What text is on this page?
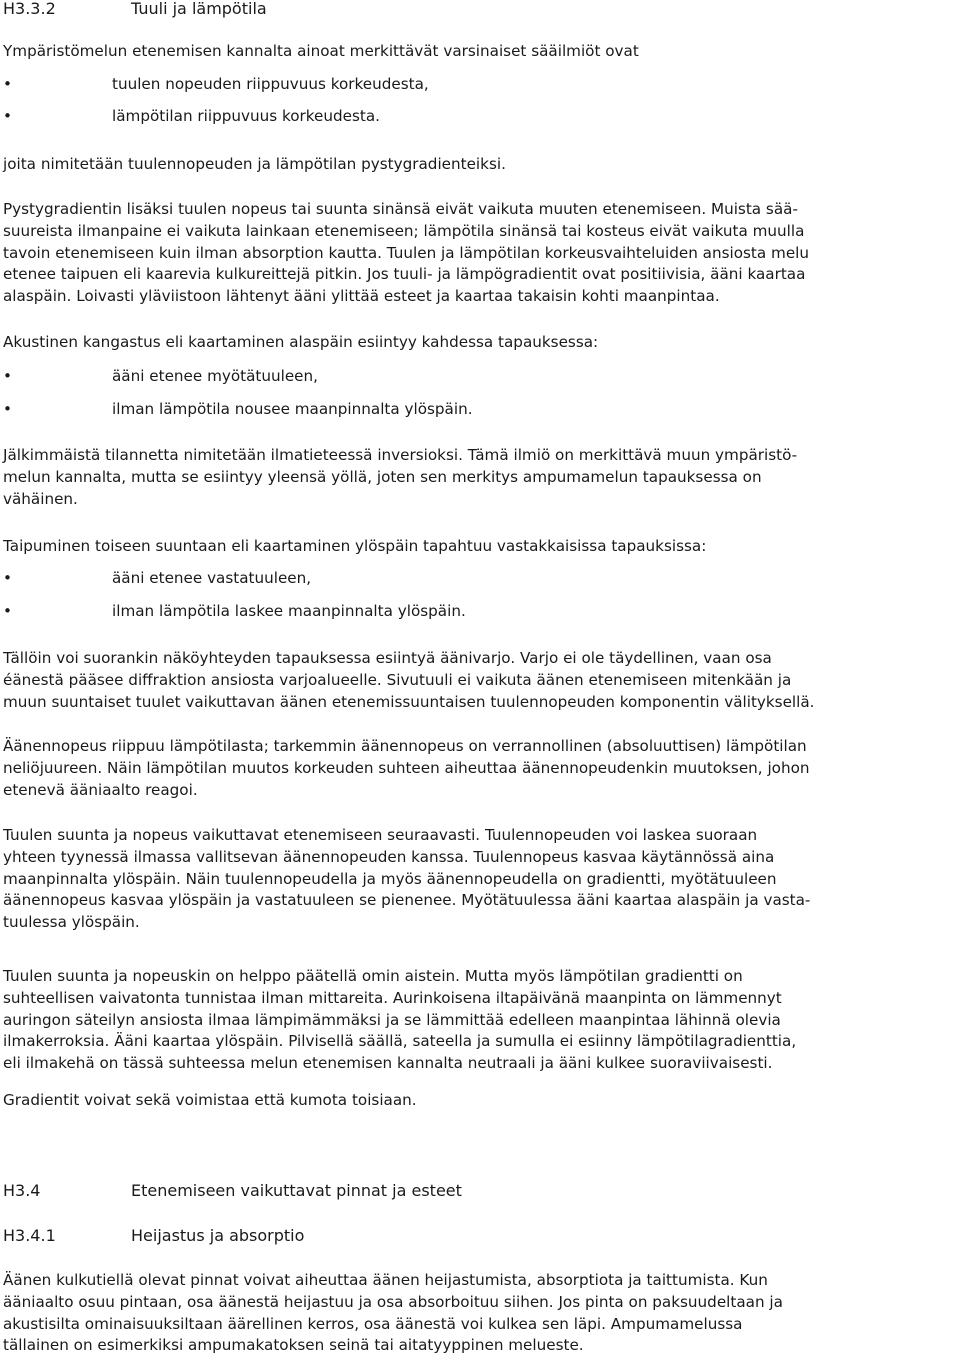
H3.3.2	Tuuli ja lämpötila

Ympäristömelun etenemisen kannalta ainoat merkittävät varsinaiset sääilmiöt ovat

•	tuulen nopeuden riippuvuus korkeudesta,
•	lämpötilan riippuvuus korkeudesta.

joita nimitetään tuulennopeuden ja lämpötilan pystygradienteiksi.

Pystygradientin lisäksi tuulen nopeus tai suunta sinänsä eivät vaikuta muuten etenemiseen. Muista sää-
suureista ilmanpaine ei vaikuta lainkaan etenemiseen; lämpötila sinänsä tai kosteus eivät vaikuta muulla
tavoin etenemiseen kuin ilman absorption kautta. Tuulen ja lämpötilan korkeusvaihteluiden ansiosta melu
etenee taipuen eli kaarevia kulkureittejä pitkin. Jos tuuli- ja lämpögradientit ovat positiivisia, ääni kaartaa
alaspäin. Loivasti yläviistoon lähtenyt ääni ylittää esteet ja kaartaa takaisin kohti maanpintaa.

Akustinen kangastus eli kaartaminen alaspäin esiintyy kahdessa tapauksessa:

•	ääni etenee myötätuuleen,
•	ilman lämpötila nousee maanpinnalta ylöspäin.

Jälkimmäistä tilannetta nimitetään ilmatieteessä inversioksi. Tämä ilmiö on merkittävä muun ympäristö-
melun kannalta, mutta se esiintyy yleensä yöllä, joten sen merkitys ampumamelun tapauksessa on
vähäinen.

Taipuminen toiseen suuntaan eli kaartaminen ylöspäin tapahtuu vastakkaisissa tapauksissa:

•	ääni etenee vastatuuleen,
•	ilman lämpötila laskee maanpinnalta ylöspäin.

Tällöin voi suorankin näköyhteyden tapauksessa esiintyä äänivarjo. Varjo ei ole täydellinen, vaan osa
éänestä pääsee diffraktion ansiosta varjoalueelle. Sivutuuli ei vaikuta äänen etenemiseen mitenkään ja
muun suuntaiset tuulet vaikuttavan äänen etenemissuuntaisen tuulennopeuden komponentin välityksellä.

Äänennopeus riippuu lämpötilasta; tarkemmin äänennopeus on verrannollinen (absoluuttisen) lämpötilan
neliöjuureen. Näin lämpötilan muutos korkeuden suhteen aiheuttaa äänennopeudenkin muutoksen, johon
etenevä ääniaalto reagoi.

Tuulen suunta ja nopeus vaikuttavat etenemiseen seuraavasti. Tuulennopeuden voi laskea suoraan
yhteen tyynessä ilmassa vallitsevan äänennopeuden kanssa. Tuulennopeus kasvaa käytännössä aina
maanpinnalta ylöspäin. Näin tuulennopeudella ja myös äänennopeudella on gradientti, myötätuuleen
äänennopeus kasvaa ylöspäin ja vastatuuleen se pienenee. Myötätuulessa ääni kaartaa alaspäin ja vasta-
tuulessa ylöspäin.

Tuulen suunta ja nopeuskin on helppo päätellä omin aistein. Mutta myös lämpötilan gradientti on
suhteellisen vaivatonta tunnistaa ilman mittareita. Aurinkoisena iltapäivänä maanpinta on lämmennyt
auringon säteilyn ansiosta ilmaa lämpimämmäksi ja se lämmittää edelleen maanpintaa lähinnä olevia
ilmakerroksia. Ääni kaartaa ylöspäin. Pilvisellä säällä, sateella ja sumulla ei esiinny lämpötilagradienttia,
eli ilmakehä on tässä suhteessa melun etenemisen kannalta neutraali ja ääni kulkee suoraviivaisesti.

Gradientit voivat sekä voimistaa että kumota toisiaan.

H3.4	Etenemiseen vaikuttavat pinnat ja esteet
H3.4.1	Heijastus ja absorptio

Äänen kulkutiellä olevat pinnat voivat aiheuttaa äänen heijastumista, absorptiota ja taittumista. Kun
ääniaalto osuu pintaan, osa äänestä heijastuu ja osa absorboituu siihen. Jos pinta on paksuudeltaan ja
akustisilta ominaisuuksiltaan äärellinen kerros, osa äänestä voi kulkea sen läpi. Ampumamelussa
tällainen on esimerkiksi ampumakatoksen seinä tai aitatyyppinen melueste.
